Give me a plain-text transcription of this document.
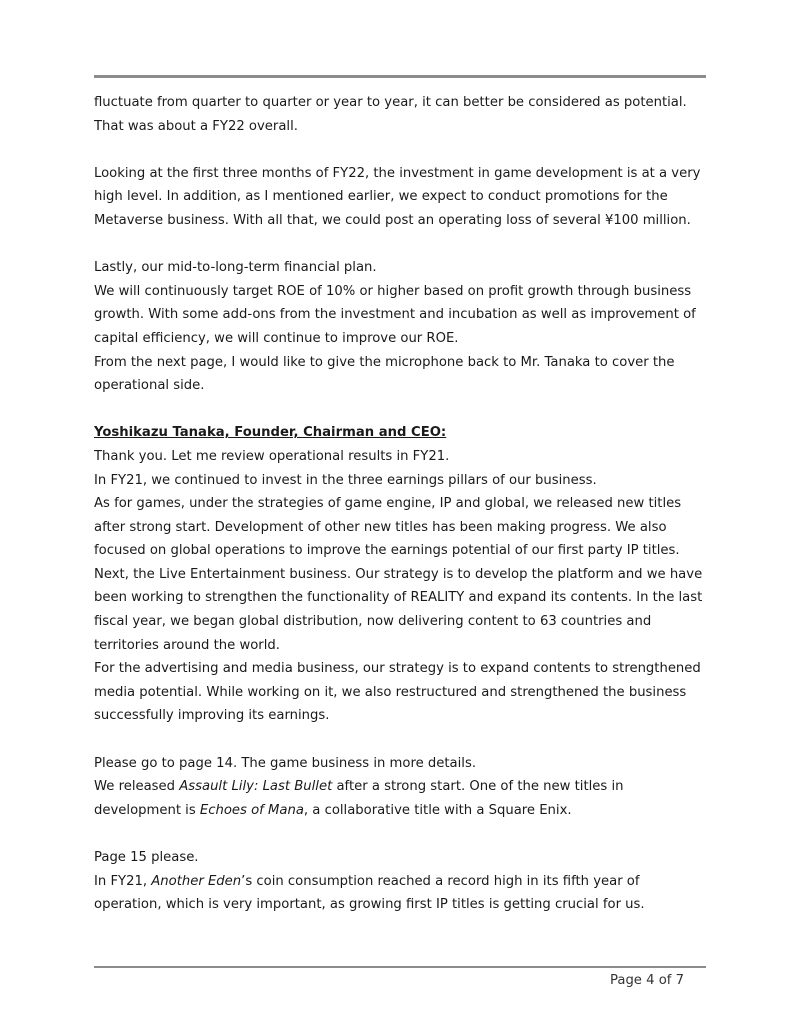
fluctuate from quarter to quarter or year to year, it can better be considered as potential.

That was about a FY22 overall.

Looking at the first three months of FY22, the investment in game development is at a very

high level. In addition, as I mentioned earlier, we expect to conduct promotions for the

Metaverse business. With all that, we could post an operating loss of several ¥100 million.

Lastly, our mid-to-long-term financial plan.

We will continuously target ROE of 10% or higher based on profit growth through business

growth. With some add-ons from the investment and incubation as well as improvement of

capital efficiency, we will continue to improve our ROE.

From the next page, I would like to give the microphone back to Mr. Tanaka to cover the

operational side.

Yoshikazu Tanaka, Founder, Chairman and CEO:

Thank you. Let me review operational results in FY21.

In FY21, we continued to invest in the three earnings pillars of our business.

As for games, under the strategies of game engine, IP and global, we released new titles

after strong start. Development of other new titles has been making progress. We also

focused on global operations to improve the earnings potential of our first party IP titles.

Next, the Live Entertainment business. Our strategy is to develop the platform and we have

been working to strengthen the functionality of REALITY and expand its contents. In the last

fiscal year, we began global distribution, now delivering content to 63 countries and

territories around the world.

For the advertising and media business, our strategy is to expand contents to strengthened

media potential. While working on it, we also restructured and strengthened the business

successfully improving its earnings.

Please go to page 14. The game business in more details.

We released Assault Lily: Last Bullet after a strong start. One of the new titles in

development is Echoes of Mana, a collaborative title with a Square Enix.

Page 15 please.

In FY21, Another Eden’s coin consumption reached a record high in its fifth year of

operation, which is very important, as growing first IP titles is getting crucial for us.

Page 4 of 7
